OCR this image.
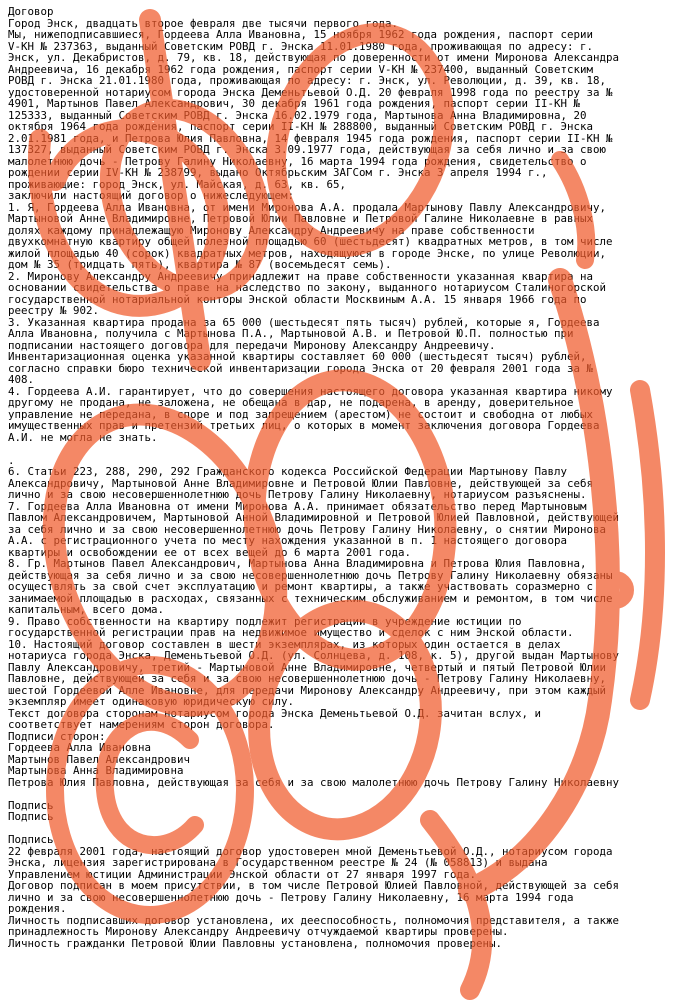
Договор
Город Энск, двадцать второе февраля две тысячи первого года.
Мы, нижеподписавшиеся, Гордеева Алла Ивановна, 15 ноября 1962 года рождения, паспорт серии
V-КН № 237363, выданный Советским РОВД г. Энска 11.01.1980 года, проживающая по адресу: г.
Энск, ул. Декабристов, д. 79, кв. 18, действующая по доверенности от имени Миронова Александра
Андреевича, 16 декабря 1962 года рождения, паспорт серии V-КН № 237400, выданный Советским
РОВД г. Энска 21.01.1980 года, проживающая по адресу: г. Энск, ул. Революции, д. 39, кв. 18,
удостоверенной нотариусом города Энска Деменьтьевой О.Д. 20 февраля 1998 года по реестру за №
4901, Мартынов Павел Александрович, 30 декабря 1961 года рождения, паспорт серии II-КН №
125333, выданный Советским РОВД г. Энска 16.02.1979 года, Мартынова Анна Владимировна, 20
октября 1964 года рождения, паспорт серии II-КН № 288800, выданный Советским РОВД г. Энска
2.01.1981 года, и Петрова Юлия Павловна, 14 февраля 1945 года рождения, паспорт серии II-КН №
137327, выданный Советским РОВД г. Энска 3.09.1977 года, действующая за себя лично и за свою
малолетнюю дочь - Петрову Галину Николаевну, 16 марта 1994 года рождения, свидетельство о
рождении серии IV-КН № 238799, выдано Октябрьским ЗАГСом г. Энска 3 апреля 1994 г.,
проживающие: город Энск, ул. Майская, д. 63, кв. 65,
заключили настоящий договор о нижеследующем:
1. Я, Гордеева Алла Ивановна, от имени Миронова А.А. продала Мартынову Павлу Александровичу,
Мартыновой Анне Владимировне, Петровой Юлии Павловне и Петровой Галине Николаевне в равных
долях каждому принадлежащую Миронову Александру Андреевичу на праве собственности
двухкомнатную квартиру общей полезной площадью 60 (шестьдесят) квадратных метров, в том числе
жилой площадью 40 (сорок) квадратных метров, находящуюся в городе Энске, по улице Революции,
дом № 35 (тридцать пять), квартира № 87 (восемьдесят семь).
2. Миронову Александру Андреевичу принадлежит на праве собственности указанная квартира на
основании свидетельства о праве на наследство по закону, выданного нотариусом Сталиногорской
государственной нотариальной конторы Энской области Москвиным А.А. 15 января 1966 года по
реестру № 902.
3. Указанная квартира продана за 65 000 (шестьдесят пять тысяч) рублей, которые я, Гордеева
Алла Ивановна, получила с Мартынова П.А., Мартыновой А.В. и Петровой Ю.П. полностью при
подписании настоящего договора для передачи Миронову Александру Андреевичу.
Инвентаризационная оценка указанной квартиры составляет 60 000 (шестьдесят тысяч) рублей,
согласно справки бюро технической инвентаризации города Энска от 20 февраля 2001 года за №
408.
4. Гордеева А.И. гарантирует, что до совершения настоящего договора указанная квартира никому
другому не продана, не заложена, не обещана в дар, не подарена, в аренду, доверительное
управление не передана, в споре и под запрещением (арестом) не состоит и свободна от любых
имущественных прав и претензий третьих лиц, о которых в момент заключения договора Гордеева
А.И. не могла не знать.
.
6. Статьи 223, 288, 290, 292 Гражданского кодекса Российской Федерации Мартынову Павлу
Александровичу, Мартыновой Анне Владимировне и Петровой Юлии Павловне, действующей за себя
лично и за свою несовершеннолетнюю дочь Петрову Галину Николаевну, нотариусом разъяснены.
7. Гордеева Алла Ивановна от имени Миронова А.А. принимает обязательство перед Мартыновым
Павлом Александровичем, Мартыновой Анной Владимировной и Петровой Юлией Павловной, действующей
за себя лично и за свою несовершеннолетнюю дочь Петрову Галину Николаевну, о снятии Миронова
А.А. с регистрационного учета по месту нахождения указанной в п. 1 настоящего договора
квартиры и освобождении ее от всех вещей до 6 марта 2001 года.
8. Гр. Мартынов Павел Александрович, Мартынова Анна Владимировна и Петрова Юлия Павловна,
действующая за себя лично и за свою несовершеннолетнюю дочь Петрову Галину Николаевну обязаны
осуществлять за свой счет эксплуатацию и ремонт квартиры, а также участвовать соразмерно с
занимаемой площадью в расходах, связанных с техническим обслуживанием и ремонтом, в том числе
капитальным, всего дома.
9. Право собственности на квартиру подлежит регистрации в учреждение юстиции по
государственной регистрации прав на недвижимое имущество и сделок с ним Энской области.
10. Настоящий договор составлен в шести экземплярах, из которых один остается в делах
нотариуса города Энска, Деменьтьевой О.Д. (ул. Солнцева, д. 108, к. 5), другой выдан Мартынову
Павлу Александровичу, третий - Мартыновой Анне Владимировне, четвертый и пятый Петровой Юлии
Павловне, действующей за себя и за свою несовершеннолетнюю дочь - Петрову Галину Николаевну,
шестой Гордеевой Алле Ивановне, для передачи Миронову Александру Андреевичу, при этом каждый
экземпляр имеет одинаковую юридическую силу.
Текст договора сторонам нотариусом города Энска Деменьтьевой О.Д. зачитан вслух, и
соответствует намерениям сторон договора.
Подписи сторон:
Гордеева Алла Ивановна
Мартынов Павел Александрович
Мартынова Анна Владимировна
Петрова Юлия Павловна, действующая за себя и за свою малолетнюю дочь Петрову Галину Николаевну
Подпись
Подпись
Подпись
22 февраля 2001 года, настоящий договор удостоверен мной Деменьтьевой О.Д., нотариусом города
Энска, лицензия зарегистрирована в Государственном реестре № 24 (№ 058813) и выдана
Управлением юстиции Администрации Энской области от 27 января 1997 года.
Договор подписан в моем присутствии, в том числе Петровой Юлией Павловной, действующей за себя
лично и за свою несовершеннолетнюю дочь - Петрову Галину Николаевну, 16 марта 1994 года
рождения.
Личность подписавших договор установлена, их дееспособность, полномочия представителя, а также
принадлежность Миронову Александру Андреевичу отчуждаемой квартиры проверены.
Личность гражданки Петровой Юлии Павловны установлена, полномочия проверены.
